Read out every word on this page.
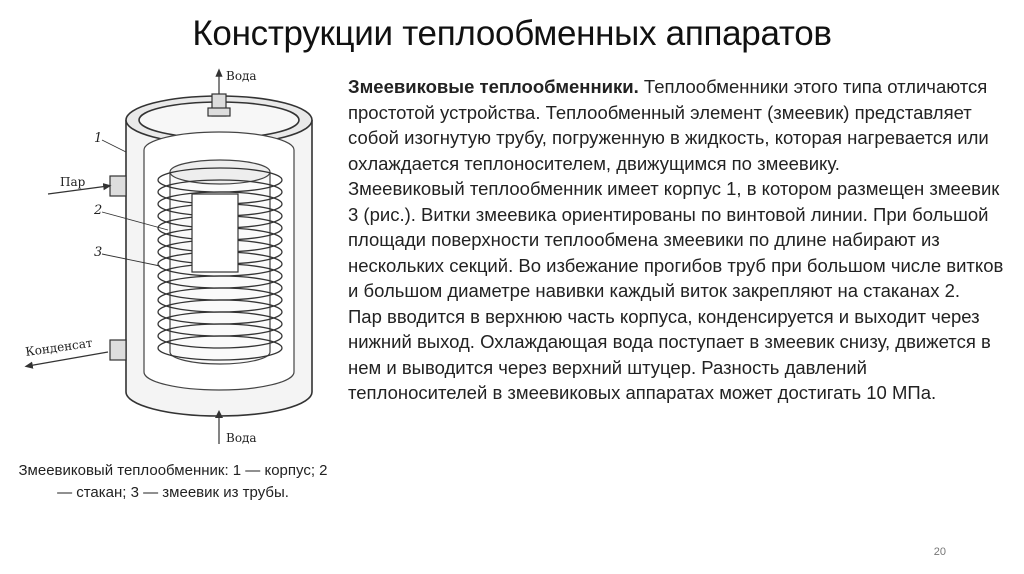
Конструкции теплообменных аппаратов
Вода
Вода
Пар
Конденсат
1
2
3
Змеевиковый теплообменник: 1 — корпус; 2 — стакан; 3 — змеевик из трубы.

Змеевиковые теплообменники. Теплообменники этого типа отличаются простотой устройства. Теплообменный элемент (змеевик) представляет собой изогнутую трубу, погруженную в жидкость, которая нагревается или охлаждается теплоносителем, движущимся по змеевику.

Змеевиковый теплообменник имеет корпус 1, в котором размещен змеевик 3 (рис.). Витки змеевика ориентированы по винтовой линии. При большой площади поверхности теплообмена змеевики по длине набирают из нескольких секций. Во избежание прогибов труб при большом числе витков и большом диаметре навивки каждый виток закрепляют на стаканах 2.

Пар вводится в верхнюю часть корпуса, конденсируется и выходит через нижний выход. Охлаждающая вода поступает в змеевик снизу, движется в нем и выводится через верхний штуцер. Разность давлений теплоносителей в змеевиковых аппаратах может достигать 10 МПа.

20
